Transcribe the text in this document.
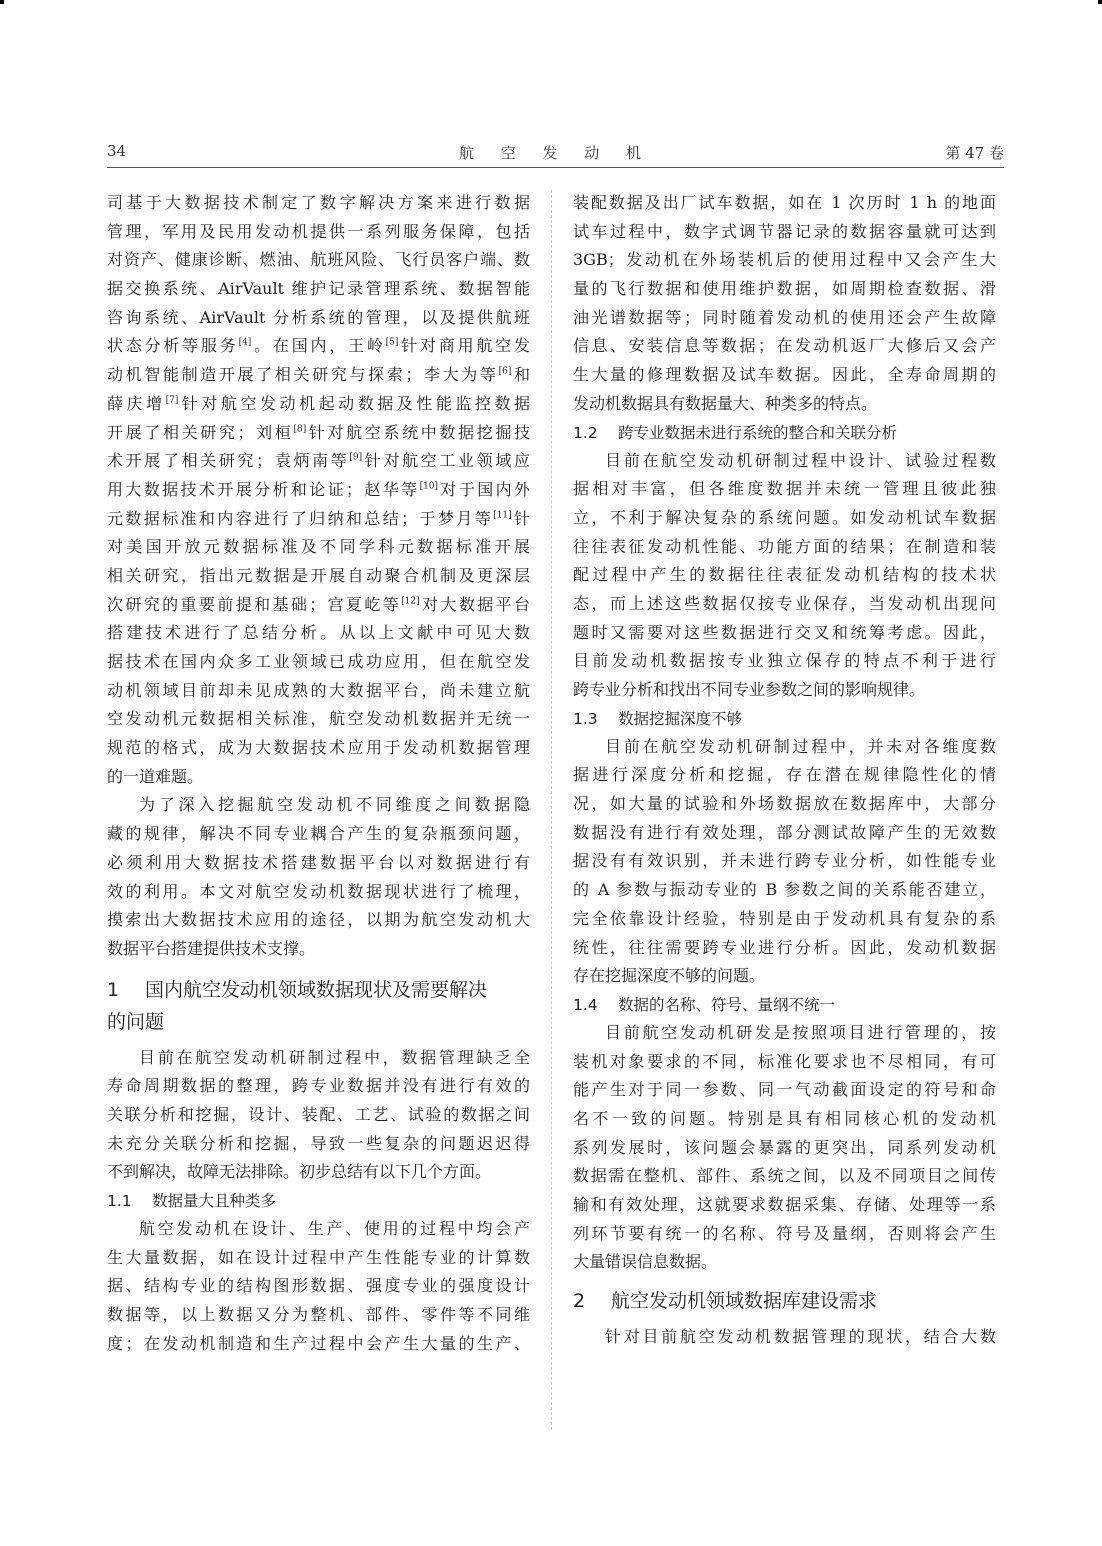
34	航 空 发 动 机	第 47 卷
司基于大数据技术制定了数字解决方案来进行数据
管理，军用及民用发动机提供一系列服务保障，包括
对资产、健康诊断、燃油、航班风险、飞行员客户端、数
据交换系统、AirVault 维护记录管理系统、数据智能
咨询系统、AirVault 分析系统的管理，以及提供航班
状态分析等服务[4]。在国内，王岭[5]针对商用航空发
动机智能制造开展了相关研究与探索；李大为等[6]和
薛庆增[7]针对航空发动机起动数据及性能监控数据
开展了相关研究；刘桓[8]针对航空系统中数据挖掘技
术开展了相关研究；袁炳南等[9]针对航空工业领域应
用大数据技术开展分析和论证；赵华等[10]对于国内外
元数据标准和内容进行了归纳和总结；于梦月等[11]针
对美国开放元数据标准及不同学科元数据标准开展
相关研究，指出元数据是开展自动聚合机制及更深层
次研究的重要前提和基础；宫夏屹等[12]对大数据平台
搭建技术进行了总结分析。从以上文献中可见大数
据技术在国内众多工业领域已成功应用，但在航空发
动机领域目前却未见成熟的大数据平台，尚未建立航
空发动机元数据相关标准，航空发动机数据并无统一
规范的格式，成为大数据技术应用于发动机数据管理
的一道难题。
为了深入挖掘航空发动机不同维度之间数据隐
藏的规律，解决不同专业耦合产生的复杂瓶颈问题，
必须利用大数据技术搭建数据平台以对数据进行有
效的利用。本文对航空发动机数据现状进行了梳理，
摸索出大数据技术应用的途径，以期为航空发动机大
数据平台搭建提供技术支撑。
1 国内航空发动机领域数据现状及需要解决
的问题
目前在航空发动机研制过程中，数据管理缺乏全
寿命周期数据的整理，跨专业数据并没有进行有效的
关联分析和挖掘，设计、装配、工艺、试验的数据之间
未充分关联分析和挖掘，导致一些复杂的问题迟迟得
不到解决，故障无法排除。初步总结有以下几个方面。
1.1 数据量大且种类多
航空发动机在设计、生产、使用的过程中均会产
生大量数据，如在设计过程中产生性能专业的计算数
据、结构专业的结构图形数据、强度专业的强度设计
数据等，以上数据又分为整机、部件、零件等不同维
度；在发动机制造和生产过程中会产生大量的生产、
装配数据及出厂试车数据，如在 1 次历时 1 h 的地面
试车过程中，数字式调节器记录的数据容量就可达到
3GB；发动机在外场装机后的使用过程中又会产生大
量的飞行数据和使用维护数据，如周期检查数据、滑
油光谱数据等；同时随着发动机的使用还会产生故障
信息、安装信息等数据；在发动机返厂大修后又会产
生大量的修理数据及试车数据。因此，全寿命周期的
发动机数据具有数据量大、种类多的特点。
1.2 跨专业数据未进行系统的整合和关联分析
目前在航空发动机研制过程中设计、试验过程数
据相对丰富，但各维度数据并未统一管理且彼此独
立，不利于解决复杂的系统问题。如发动机试车数据
往往表征发动机性能、功能方面的结果；在制造和装
配过程中产生的数据往往表征发动机结构的技术状
态，而上述这些数据仅按专业保存，当发动机出现问
题时又需要对这些数据进行交叉和统筹考虑。因此，
目前发动机数据按专业独立保存的特点不利于进行
跨专业分析和找出不同专业参数之间的影响规律。
1.3 数据挖掘深度不够
目前在航空发动机研制过程中，并未对各维度数
据进行深度分析和挖掘，存在潜在规律隐性化的情
况，如大量的试验和外场数据放在数据库中，大部分
数据没有进行有效处理，部分测试故障产生的无效数
据没有有效识别，并未进行跨专业分析，如性能专业
的 A 参数与振动专业的 B 参数之间的关系能否建立，
完全依靠设计经验，特别是由于发动机具有复杂的系
统性，往往需要跨专业进行分析。因此，发动机数据
存在挖掘深度不够的问题。
1.4 数据的名称、符号、量纲不统一
目前航空发动机研发是按照项目进行管理的，按
装机对象要求的不同，标准化要求也不尽相同，有可
能产生对于同一参数、同一气动截面设定的符号和命
名不一致的问题。特别是具有相同核心机的发动机
系列发展时，该问题会暴露的更突出，同系列发动机
数据需在整机、部件、系统之间，以及不同项目之间传
输和有效处理，这就要求数据采集、存储、处理等一系
列环节要有统一的名称、符号及量纲，否则将会产生
大量错误信息数据。
2 航空发动机领域数据库建设需求
针对目前航空发动机数据管理的现状，结合大数
